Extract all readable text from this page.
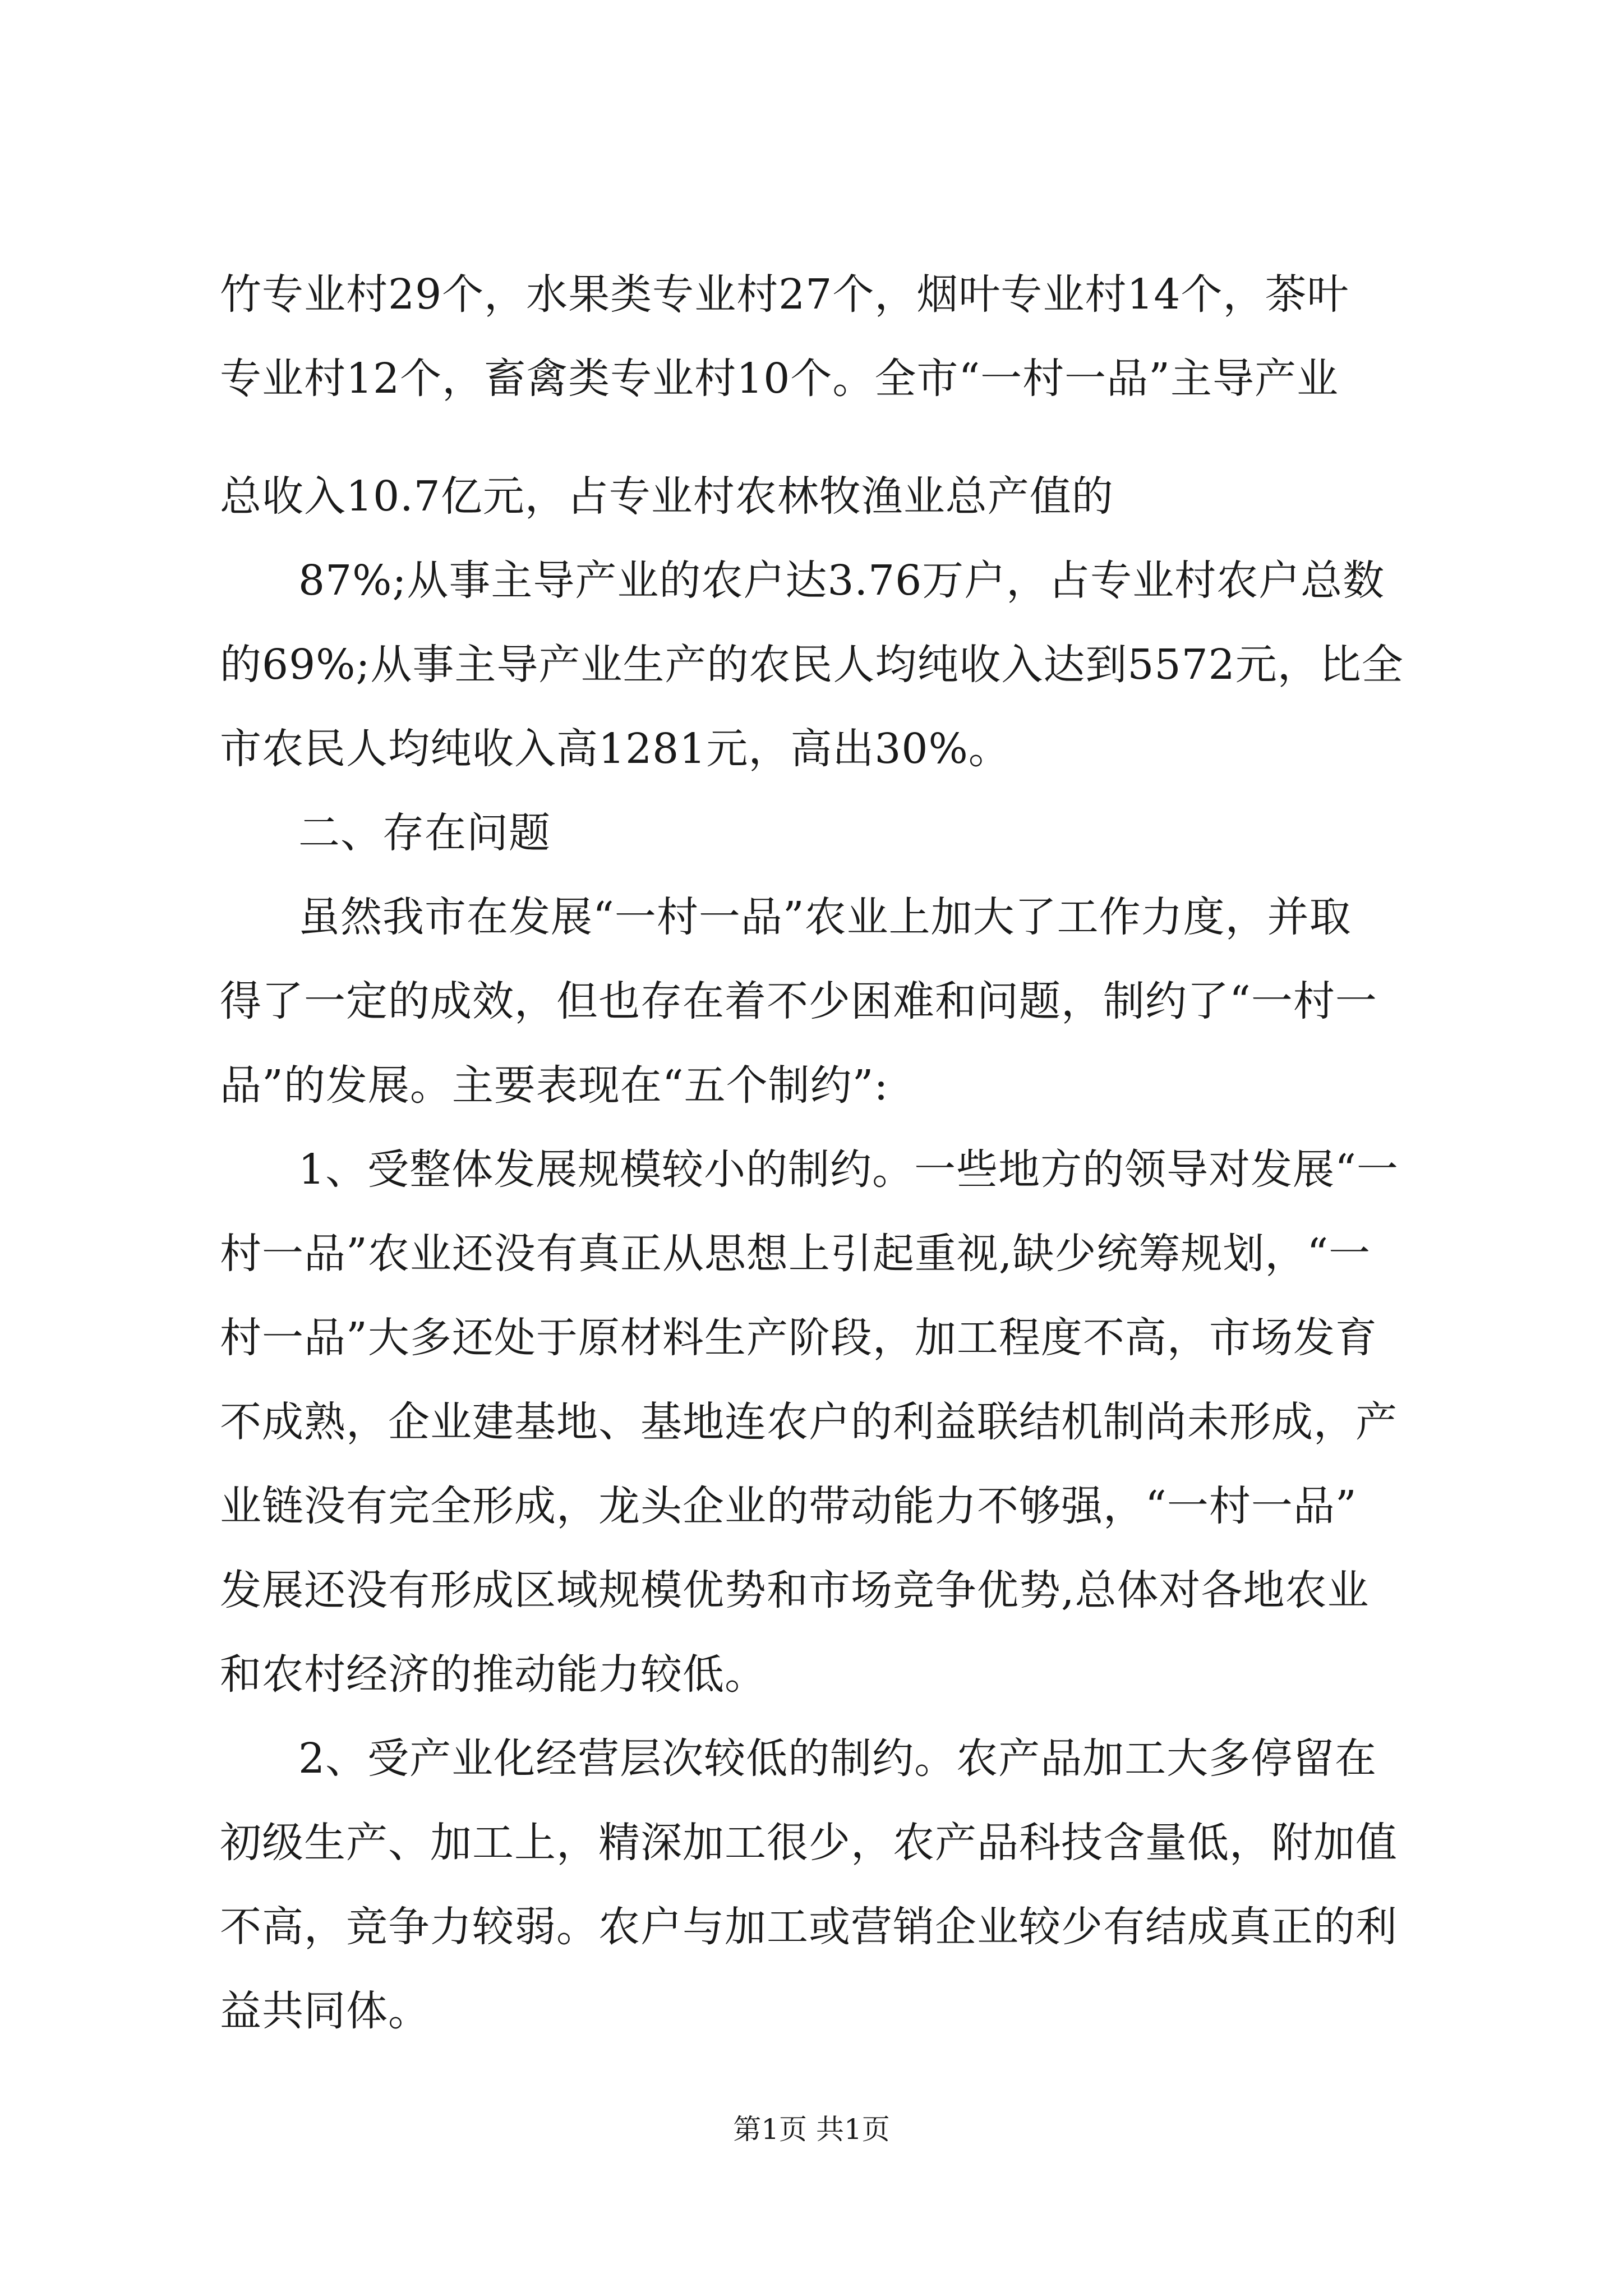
竹专业村29个，水果类专业村27个，烟叶专业村14个，茶叶
专业村12个，畜禽类专业村10个。全市“一村一品”主导产业
总收入10.7亿元，占专业村农林牧渔业总产值的
87%;从事主导产业的农户达3.76万户，占专业村农户总数
的69%;从事主导产业生产的农民人均纯收入达到5572元，比全
市农民人均纯收入高1281元，高出30%。
二、存在问题
虽然我市在发展“一村一品”农业上加大了工作力度，并取
得了一定的成效，但也存在着不少困难和问题，制约了“一村一
品”的发展。主要表现在“五个制约”:
1、受整体发展规模较小的制约。一些地方的领导对发展“一
村一品”农业还没有真正从思想上引起重视,缺少统筹规划，“一
村一品”大多还处于原材料生产阶段，加工程度不高，市场发育
不成熟，企业建基地、基地连农户的利益联结机制尚未形成，产
业链没有完全形成，龙头企业的带动能力不够强，“一村一品”
发展还没有形成区域规模优势和市场竞争优势,总体对各地农业
和农村经济的推动能力较低。
2、受产业化经营层次较低的制约。农产品加工大多停留在
初级生产、加工上，精深加工很少，农产品科技含量低，附加值
不高，竞争力较弱。农户与加工或营销企业较少有结成真正的利
益共同体。
第1页 共1页
